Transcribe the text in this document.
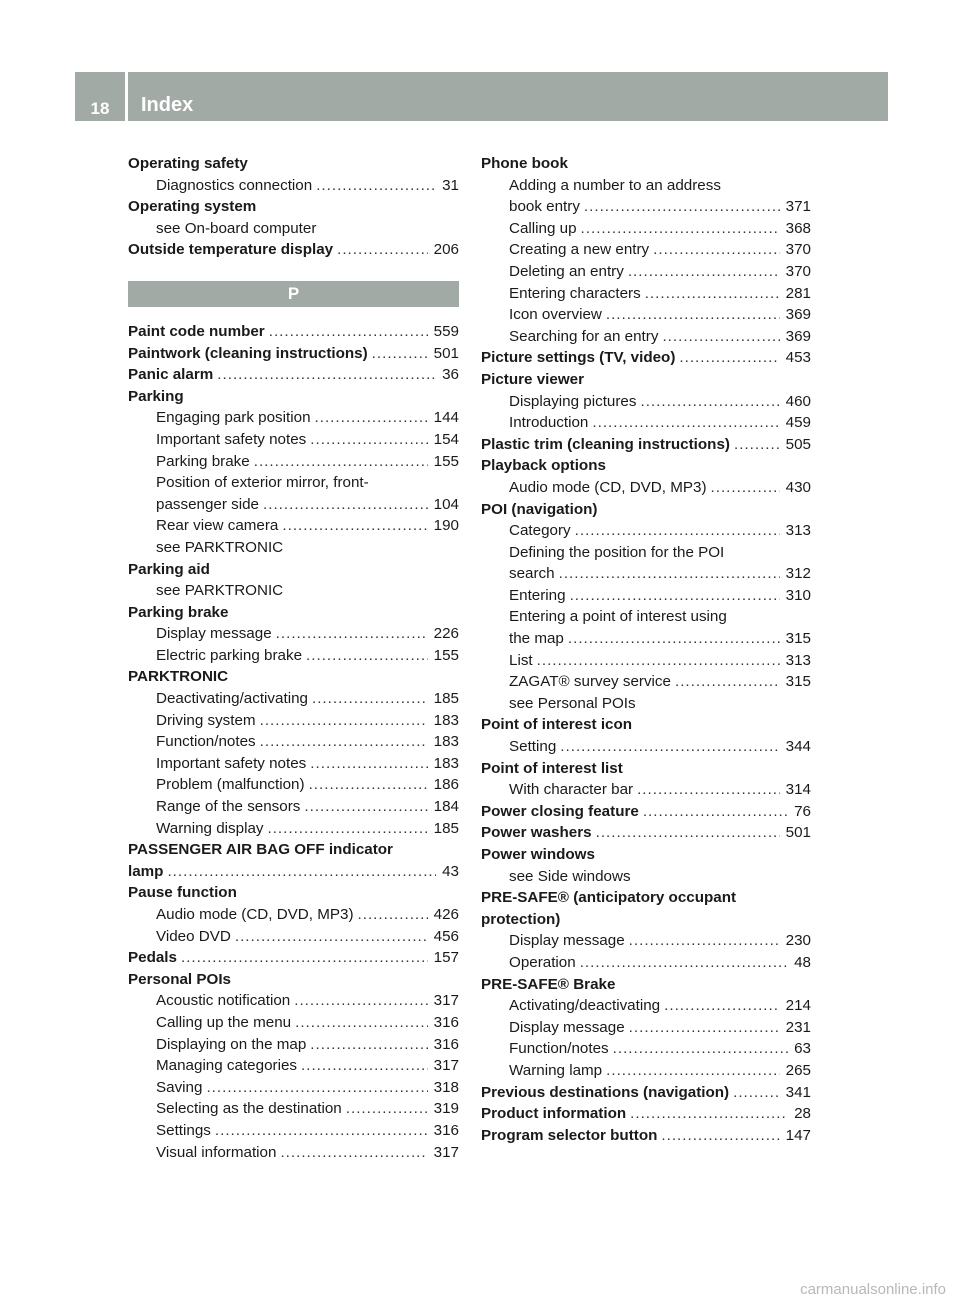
18	Index
Operating safety
Diagnostics connection .....	31
Operating system
see On-board computer
Outside temperature display .....	206
P
Paint code number .....	559
Paintwork (cleaning instructions) .....	501
Panic alarm .....	36
Parking
Engaging park position .....	144
Important safety notes .....	154
Parking brake .....	155
Position of exterior mirror, front-
passenger side .....	104
Rear view camera .....	190
see PARKTRONIC
Parking aid
see PARKTRONIC
Parking brake
Display message .....	226
Electric parking brake .....	155
PARKTRONIC
Deactivating/activating .....	185
Driving system .....	183
Function/notes .....	183
Important safety notes .....	183
Problem (malfunction) .....	186
Range of the sensors .....	184
Warning display .....	185
PASSENGER AIR BAG OFF indicator
lamp .....	43
Pause function
Audio mode (CD, DVD, MP3) .....	426
Video DVD .....	456
Pedals .....	157
Personal POIs
Acoustic notification .....	317
Calling up the menu .....	316
Displaying on the map .....	316
Managing categories .....	317
Saving .....	318
Selecting as the destination .....	319
Settings .....	316
Visual information .....	317
Phone book
Adding a number to an address
book entry .....	371
Calling up .....	368
Creating a new entry .....	370
Deleting an entry .....	370
Entering characters .....	281
Icon overview .....	369
Searching for an entry .....	369
Picture settings (TV, video) .....	453
Picture viewer
Displaying pictures .....	460
Introduction .....	459
Plastic trim (cleaning instructions) .....	505
Playback options
Audio mode (CD, DVD, MP3) .....	430
POI (navigation)
Category .....	313
Defining the position for the POI
search .....	312
Entering .....	310
Entering a point of interest using
the map .....	315
List .....	313
ZAGAT® survey service .....	315
see Personal POIs
Point of interest icon
Setting .....	344
Point of interest list
With character bar .....	314
Power closing feature .....	76
Power washers .....	501
Power windows
see Side windows
PRE-SAFE® (anticipatory occupant
protection)
Display message .....	230
Operation .....	48
PRE-SAFE® Brake
Activating/deactivating .....	214
Display message .....	231
Function/notes .....	63
Warning lamp .....	265
Previous destinations (navigation) .....	341
Product information .....	28
Program selector button .....	147
carmanualsonline.info
